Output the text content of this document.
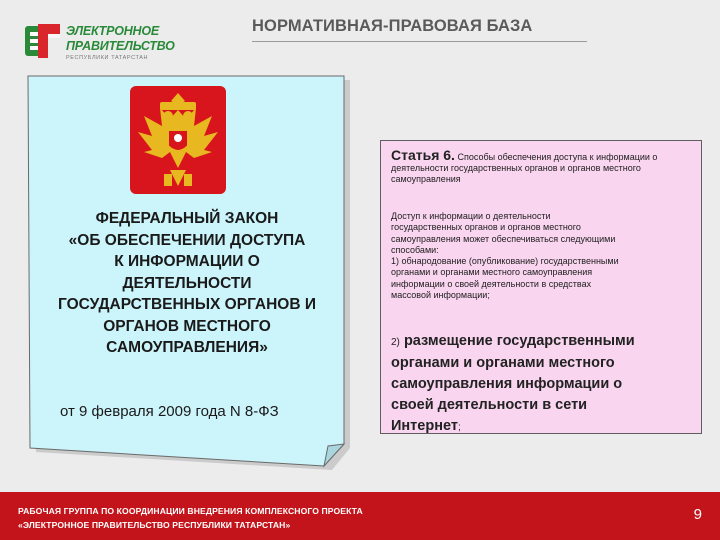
ЭЛЕКТРОННОЕ
ПРАВИТЕЛЬСТВО
РЕСПУБЛИКИ ТАТАРСТАН
НОРМАТИВНАЯ-ПРАВОВАЯ БАЗА
ФЕДЕРАЛЬНЫЙ ЗАКОН
«ОБ ОБЕСПЕЧЕНИИ ДОСТУПА
К ИНФОРМАЦИИ О
ДЕЯТЕЛЬНОСТИ
ГОСУДАРСТВЕННЫХ ОРГАНОВ И
ОРГАНОВ МЕСТНОГО
САМОУПРАВЛЕНИЯ»
от 9 февраля 2009 года N 8-ФЗ
Статья 6. Способы обеспечения доступа к информации о деятельности государственных органов и органов местного самоуправления
Доступ к информации о деятельности
государственных органов и органов местного
самоуправления может обеспечиваться следующими
способами:
1) обнародование (опубликование) государственными
органами и органами местного самоуправления
информации о своей деятельности в средствах
массовой информации;
2) размещение государственными
органами и органами местного
самоуправления информации о
своей деятельности в сети
Интернет;
РАБОЧАЯ ГРУППА ПО КООРДИНАЦИИ ВНЕДРЕНИЯ КОМПЛЕКСНОГО ПРОЕКТА
«ЭЛЕКТРОННОЕ ПРАВИТЕЛЬСТВО РЕСПУБЛИКИ ТАТАРСТАН»
9
